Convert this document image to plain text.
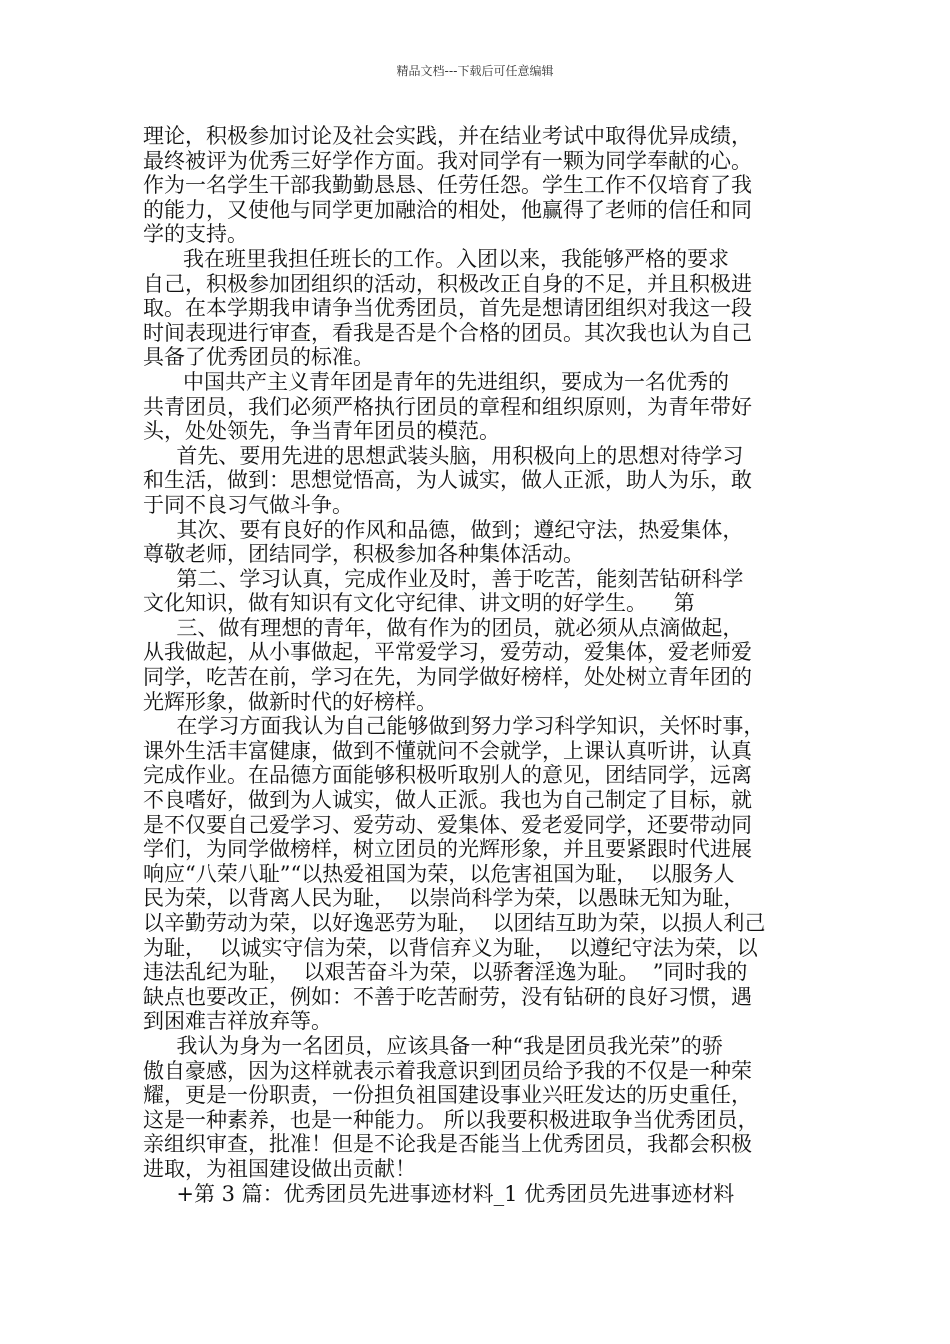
精品文档---下载后可任意编辑
理论，积极参加讨论及社会实践，并在结业考试中取得优异成绩，
最终被评为优秀三好学作方面。我对同学有一颗为同学奉献的心。
作为一名学生干部我勤勤恳恳、任劳任怨。学生工作不仅培育了我
的能力，又使他与同学更加融洽的相处，他赢得了老师的信任和同
学的支持。
我在班里我担任班长的工作。入团以来，我能够严格的要求
自己，积极参加团组织的活动，积极改正自身的不足，并且积极进
取。在本学期我申请争当优秀团员，首先是想请团组织对我这一段
时间表现进行审查，看我是否是个合格的团员。其次我也认为自己
具备了优秀团员的标准。
中国共产主义青年团是青年的先进组织，要成为一名优秀的
共青团员，我们必须严格执行团员的章程和组织原则，为青年带好
头，处处领先，争当青年团员的模范。
首先、要用先进的思想武装头脑，用积极向上的思想对待学习
和生活，做到：思想觉悟高，为人诚实，做人正派，助人为乐，敢
于同不良习气做斗争。
其次、要有良好的作风和品德，做到；遵纪守法，热爱集体，
尊敬老师，团结同学，积极参加各种集体活动。
第二、学习认真，完成作业及时，善于吃苦，能刻苦钻研科学
文化知识，做有知识有文化守纪律、讲文明的好学生。    第
三、做有理想的青年，做有作为的团员，就必须从点滴做起，
从我做起，从小事做起，平常爱学习，爱劳动，爱集体，爱老师爱
同学，吃苦在前，学习在先，为同学做好榜样，处处树立青年团的
光辉形象，做新时代的好榜样。
在学习方面我认为自己能够做到努力学习科学知识，关怀时事，
课外生活丰富健康，做到不懂就问不会就学，上课认真听讲，认真
完成作业。在品德方面能够积极听取别人的意见，团结同学，远离
不良嗜好，做到为人诚实，做人正派。我也为自己制定了目标，就
是不仅要自己爱学习、爱劳动、爱集体、爱老爱同学，还要带动同
学们，为同学做榜样，树立团员的光辉形象，并且要紧跟时代进展
响应“八荣八耻”“以热爱祖国为荣，以危害祖国为耻，  以服务人
民为荣，以背离人民为耻，  以崇尚科学为荣，以愚昧无知为耻，
以辛勤劳动为荣，以好逸恶劳为耻，  以团结互助为荣，以损人利己
为耻，  以诚实守信为荣，以背信弃义为耻，  以遵纪守法为荣，以
违法乱纪为耻，  以艰苦奋斗为荣，以骄奢淫逸为耻。  ”同时我的
缺点也要改正，例如：不善于吃苦耐劳，没有钻研的良好习惯，遇
到困难吉祥放弃等。
我认为身为一名团员，应该具备一种“我是团员我光荣”的骄
傲自豪感，因为这样就表示着我意识到团员给予我的不仅是一种荣
耀，更是一份职责，一份担负祖国建设事业兴旺发达的历史重任，
这是一种素养，也是一种能力。 所以我要积极进取争当优秀团员，
亲组织审查，批准！但是不论我是否能当上优秀团员，我都会积极
进取，为祖国建设做出贡献！
+第 3 篇：优秀团员先进事迹材料_1 优秀团员先进事迹材料
